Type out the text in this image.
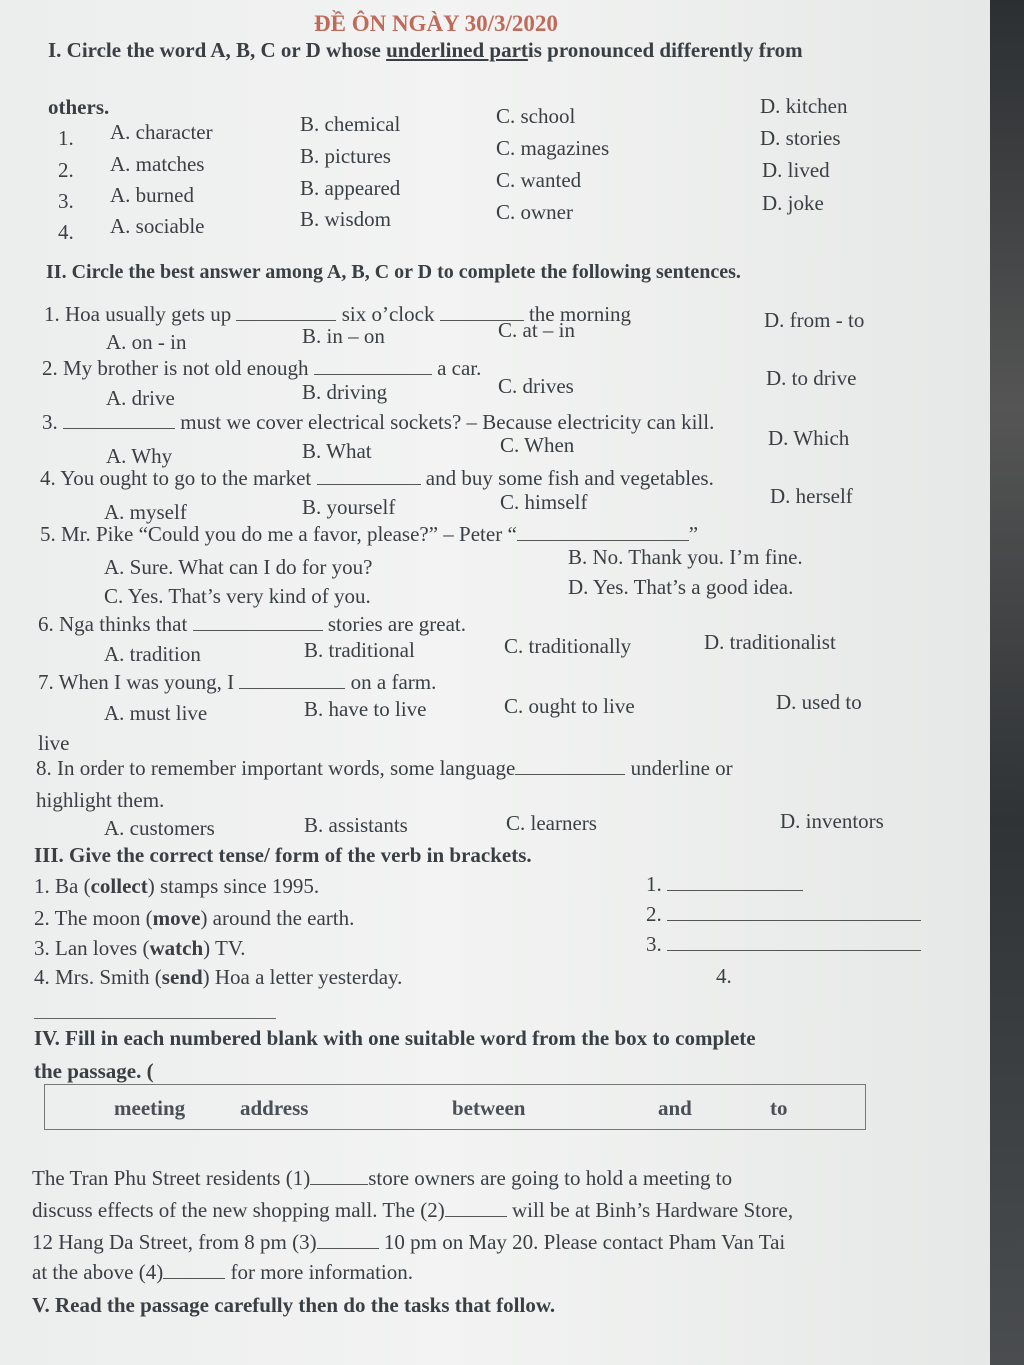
ĐỀ ÔN NGÀY 30/3/2020
I. Circle the word A, B, C or D whose underlined partis pronounced differently from
others.
1. A. character	B. chemical	C. school	D. kitchen
2. A. matches	B. pictures	C. magazines	D. stories
3. A. burned	B. appeared	C. wanted	D. lived
4. A. sociable	B. wisdom	C. owner	D. joke
II. Circle the best answer among A, B, C or D to complete the following sentences.
1. Hoa usually gets up	six o’clock	the morning
A. on - in	B. in – on	C. at – in	D. from - to
2. My brother is not old enough	a car.
A. drive	B. driving	C. drives	D. to drive
3.	must we cover electrical sockets? – Because electricity can kill.
A. Why	B. What	C. When	D. Which
4. You ought to go to the market	and buy some fish and vegetables.
A. myself	B. yourself	C. himself	D. herself
5. Mr. Pike “Could you do me a favor, please?” – Peter “	”
A. Sure. What can I do for you?	B. No. Thank you. I’m fine.
C. Yes. That’s very kind of you.	D. Yes. That’s a good idea.
6. Nga thinks that	stories are great.
A. tradition	B. traditional	C. traditionally	D. traditionalist
7. When I was young, I	on a farm.
A. must live	B. have to live	C. ought to live	D. used to
live
8. In order to remember important words, some language	underline or
highlight them.
A. customers	B. assistants	C. learners	D. inventors
III. Give the correct tense/ form of the verb in brackets.
1. Ba (collect) stamps since 1995.
2. The moon (move) around the earth.
3. Lan loves (watch) TV.
4. Mrs. Smith (send) Hoa a letter yesterday.
1.
2.
3.
4.
IV. Fill in each numbered blank with one suitable word from the box to complete
the passage. (
meeting	address	between	and	to
The Tran Phu Street residents (1)	store owners are going to hold a meeting to
discuss effects of the new shopping mall. The (2)	will be at Binh’s Hardware Store,
12 Hang Da Street, from 8 pm (3)	10 pm on May 20. Please contact Pham Van Tai
at the above (4)	for more information.
V. Read the passage carefully then do the tasks that follow.
